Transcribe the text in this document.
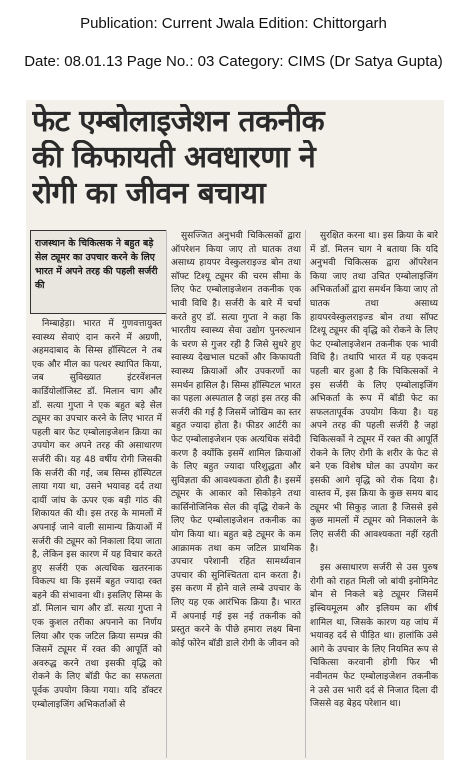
Publication: Current Jwala Edition: Chittorgarh
Date: 08.01.13 Page No.: 03 Category: CIMS (Dr Satya Gupta)
फेट एम्बोलाइजेशन तकनीक
की किफायती अवधारणा ने
रोगी का जीवन बचाया
राजस्थान के चिकित्सक ने बहुत बड़े सेल ट्यूमर का उपचार करने के लिए भारत में अपने तरह की पहली सर्जरी की

निम्बाहेड़ा। भारत में गुणवत्तायुक्त स्वास्थ्य सेवाएं दान करने में अग्रणी, अहमदाबाद के सिम्स हॉस्पिटल ने तब एक और मील का पत्थर स्थापित किया, जब सुविख्यात इंटरवेंशनल कार्डियोलॉजिस्ट डॉ. मिलान चाग और डॉ. सत्या गुप्ता ने एक बहुत बड़े सेल ट्यूमर का उपचार करने के लिए भारत में पहली बार फेट एम्बोलाइजेशन क्रिया का उपयोग कर अपने तरह की असाधारण सर्जरी की। यह 48 वर्षीय रोगी जिसकी कि सर्जरी की गई, जब सिम्स हॉस्पिटल लाया गया था, उसने भयावह दर्द तथा दायीं जांघ के ऊपर एक बड़ी गांठ की शिकायत की थी। इस तरह के मामलों में अपनाई जाने वाली सामान्य क्रियाओं में सर्जरी की ट्यूमर को निकाला दिया जाता है, लेकिन इस कारण में यह विचार करते हुए सर्जरी एक अत्यधिक खतरनाक विकल्प था कि इसमें बहुत ज्यादा रक्त बहने की संभावना थी। इसलिए सिम्स के डॉ. मिलान चाग और डॉ. सत्या गुप्ता ने एक कुशल तरीका अपनाने का निर्णय लिया और एक जटिल क्रिया सम्पन्न की जिसमें ट्यूमर में रक्त की आपूर्ति को अवरुद्ध करने तथा इसकी वृद्धि को रोकने के लिए बॉडी फेट का सफलता पूर्वक उपयोग किया गया। यदि डॉक्टर एम्बोलाइजिंग अभिकर्ताओं से

सुसज्जित अनुभवी चिकित्सकों द्वारा ऑपरेशन किया जाए तो घातक तथा असाध्य हायपर वेस्कुलराइज्ड बोन तथा सॉफ्ट टिश्यू ट्यूमर की चरम सीमा के लिए फेट एम्बोलाइजेशन तकनीक एक भावी विधि है। सर्जरी के बारे में चर्चा करते हुए डॉ. सत्या गुप्ता ने कहा कि भारतीय स्वास्थ्य सेवा उद्योग पुनरुत्थान के चरण से गुजर रही है जिसे सुधरे हुए स्वास्थ्य देखभाल घटकों और किफायती स्वास्थ्य क्रियाओं और उपकरणों का समर्थन हासिल है। सिम्स हॉस्पिटल भारत का पहला अस्पताल है जहां इस तरह की सर्जरी की गई है जिसमें जोखिम का स्तर बहुत ज्यादा होता है। फीडर आर्टरी का फेट एम्बोलाइजेशन एक अत्यधिक संवेदी करण है क्योंकि इसमें शामिल क्रियाओं के लिए बहुत ज्यादा परिशुद्धता और सुविज्ञता की आवश्यकता होती है। इसमें ट्यूमर के आकार को सिकोड़ने तथा कार्सिनोजिनिक सेल की वृद्धि रोकने के लिए फेट एम्बोलाइजेशन तकनीक का योग किया था। बहुत बड़े ट्यूमर के कम आक्रामक तथा कम जटिल प्राथमिक उपचार परेशानी रहित सामर्थ्यवान उपचार की सुनिश्चितता दान करता है। इस करण में होने वाले लम्बे उपचार के लिए यह एक आरंभिक क्रिया है। भारत में अपनाई गई इस नई तकनीक को प्रस्तुत करने के पीछे हमारा लक्ष्य बिना कोई फोरेन बॉडी डाले रोगी के जीवन को

सुरक्षित करना था। इस क्रिया के बारे में डॉ. मिलन चाग ने बताया कि यदि अनुभवी चिकित्सक द्वारा ऑपरेशन किया जाए तथा उचित एम्बोलाइजिंग अभिकर्ताओं द्वारा समर्थन किया जाए तो घातक तथा असाध्य हायपरवेस्कुलराइज्ड बोन तथा सॉफ्ट टिश्यू ट्यूमर की वृद्धि को रोकने के लिए फेट एम्बोलाइजेशन तकनीक एक भावी विधि है। तथापि भारत में यह एकदम पहली बार हुआ है कि चिकित्सकों ने इस सर्जरी के लिए एम्बोलाइजिंग अभिकर्ता के रूप में बॉडी फेट का सफलतापूर्वक उपयोग किया है। यह अपने तरह की पहली सर्जरी है जहां चिकित्सकों ने ट्यूमर में रक्त की आपूर्ति रोकने के लिए रोगी के शरीर के फेट से बने एक विशेष घोल का उपयोग कर इसकी आगे वृद्धि को रोक दिया है। वास्तव में, इस क्रिया के कुछ समय बाद ट्यूमर भी सिकुड़ जाता है जिससे इसे कुछ मामलों में ट्यूमर को निकालने के लिए सर्जरी की आवश्यकता नहीं रहती है।

इस असाधारण सर्जरी से उस पुरुष रोगी को राहत मिली जो बांयी इनोमिनेट बोन से निकले बड़े ट्यूमर जिसमें इस्चियमूलम और इलियम का शीर्ष शामिल था, जिसके कारण यह जांघ में भयावह दर्द से पीड़ित था। हालांकि उसे आगे के उपचार के लिए नियमित रूप से चिकित्सा करवानी होगी फिर भी नवीनतम फेट एम्बोलाइजेशन तकनीक ने उसे उस भारी दर्द से निजात दिला दी जिससे वह बेहद परेशान था।
